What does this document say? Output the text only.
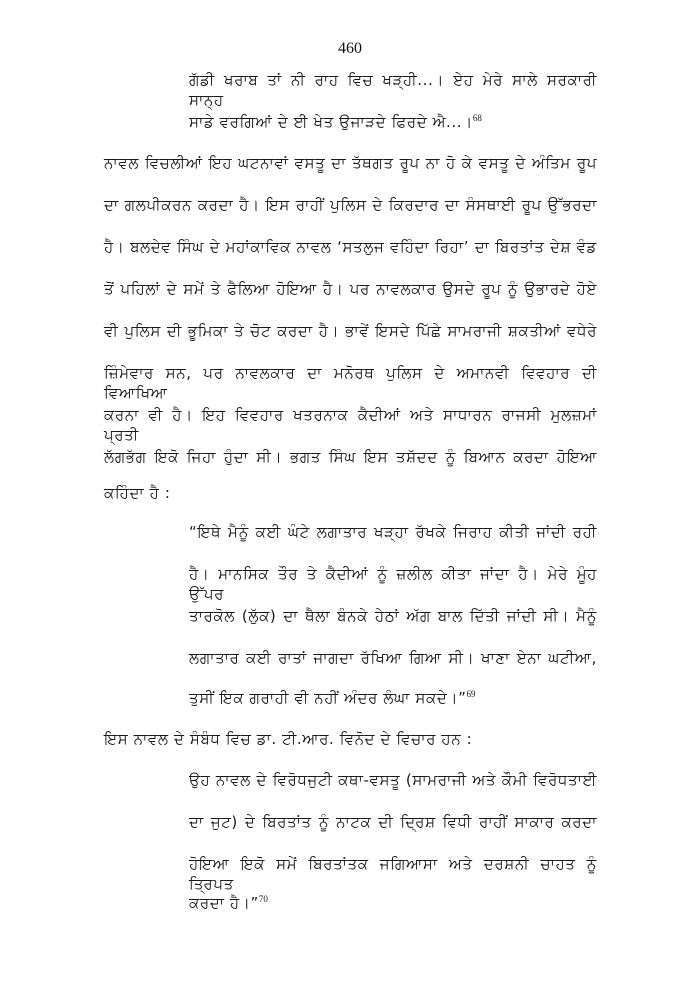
460
ਗੱਡੀ ਖਰਾਬ ਤਾਂ ਨੀ ਰਾਹ ਵਿਚ ਖੜ੍ਹੀ...। ਏਹ ਮੇਰੇ ਸਾਲੇ ਸਰਕਾਰੀ ਸਾਨ੍ਹ
ਸਾਡੇ ਵਰਗਿਆਂ ਦੇ ਈ ਖੇਤ ਉਜਾੜਦੇ ਫਿਰਦੇ ਐ...।$^{68}$
ਨਾਵਲ ਵਿਚਲੀਆਂ ਇਹ ਘਟਨਾਵਾਂ ਵਸਤੂ ਦਾ ਤੱਥਗਤ ਰੂਪ ਨਾ ਹੋ ਕੇ ਵਸਤੂ ਦੇ ਅੰਤਿਮ ਰੂਪ
ਦਾ ਗਲਪੀਕਰਨ ਕਰਦਾ ਹੈ। ਇਸ ਰਾਹੀਂ ਪੁਲਿਸ ਦੇ ਕਿਰਦਾਰ ਦਾ ਸੰਸਥਾਈ ਰੂਪ ਉੱਭਰਦਾ
ਹੈ। ਬਲਦੇਵ ਸਿੰਘ ਦੇ ਮਹਾਂਕਾਵਿਕ ਨਾਵਲ ‘ਸਤਲੁਜ ਵਹਿੰਦਾ ਰਿਹਾ’ ਦਾ ਬਿਰਤਾਂਤ ਦੇਸ਼ ਵੰਡ
ਤੋਂ ਪਹਿਲਾਂ ਦੇ ਸਮੇਂ ਤੇ ਫੈਲਿਆ ਹੋਇਆ ਹੈ। ਪਰ ਨਾਵਲਕਾਰ ਉਸਦੇ ਰੂਪ ਨੂੰ ਉਭਾਰਦੇ ਹੋਏ
ਵੀ ਪੁਲਿਸ ਦੀ ਭੂਮਿਕਾ ਤੇ ਚੋਟ ਕਰਦਾ ਹੈ। ਭਾਵੇਂ ਇਸਦੇ ਪਿੱਛੇ ਸਾਮਰਾਜੀ ਸ਼ਕਤੀਆਂ ਵਧੇਰੇ
ਜ਼ਿੰਮੇਵਾਰ ਸਨ, ਪਰ ਨਾਵਲਕਾਰ ਦਾ ਮਨੋਰਥ ਪੁਲਿਸ ਦੇ ਅਮਾਨਵੀ ਵਿਵਹਾਰ ਦੀ ਵਿਆਖਿਆ
ਕਰਨਾ ਵੀ ਹੈ। ਇਹ ਵਿਵਹਾਰ ਖਤਰਨਾਕ ਕੈਦੀਆਂ ਅਤੇ ਸਾਧਾਰਨ ਰਾਜਸੀ ਮੁਲਜ਼ਮਾਂ ਪ੍ਰਤੀ
ਲੱਗਭੱਗ ਇਕੋ ਜਿਹਾ ਹੁੰਦਾ ਸੀ। ਭਗਤ ਸਿੰਘ ਇਸ ਤਸ਼ੱਦਦ ਨੂੰ ਬਿਆਨ ਕਰਦਾ ਹੋਇਆ
ਕਹਿੰਦਾ ਹੈ :
“ਇਥੇ ਮੈਨੂੰ ਕਈ ਘੰਟੇ ਲਗਾਤਾਰ ਖੜ੍ਹਾ ਰੱਖਕੇ ਜਿਰਾਹ ਕੀਤੀ ਜਾਂਦੀ ਰਹੀ
ਹੈ। ਮਾਨਸਿਕ ਤੌਰ ਤੇ ਕੈਦੀਆਂ ਨੂੰ ਜ਼ਲੀਲ ਕੀਤਾ ਜਾਂਦਾ ਹੈ। ਮੇਰੇ ਮੂੰਹ ਉੱਪਰ
ਤਾਰਕੋਲ (ਲੁੱਕ) ਦਾ ਥੈਲਾ ਬੰਨਕੇ ਹੇਠਾਂ ਅੱਗ ਬਾਲ ਦਿੱਤੀ ਜਾਂਦੀ ਸੀ। ਮੈਨੂੰ
ਲਗਾਤਾਰ ਕਈ ਰਾਤਾਂ ਜਾਗਦਾ ਰੱਖਿਆ ਗਿਆ ਸੀ। ਖਾਣਾ ਏਨਾ ਘਟੀਆ,
ਤੁਸੀਂ ਇਕ ਗਰਾਹੀ ਵੀ ਨਹੀਂ ਅੰਦਰ ਲੰਘਾ ਸਕਦੇ।”$^{69}$
ਇਸ ਨਾਵਲ ਦੇ ਸੰਬੰਧ ਵਿਚ ਡਾ. ਟੀ.ਆਰ. ਵਿਨੋਦ ਦੇ ਵਿਚਾਰ ਹਨ :
ਉਹ ਨਾਵਲ ਦੇ ਵਿਰੋਧਜੁਟੀ ਕਥਾ-ਵਸਤੂ (ਸਾਮਰਾਜੀ ਅਤੇ ਕੌਮੀ ਵਿਰੋਧਤਾਈ
ਦਾ ਜੁਟ) ਦੇ ਬਿਰਤਾਂਤ ਨੂੰ ਨਾਟਕ ਦੀ ਦ੍ਰਿਸ਼ ਵਿਧੀ ਰਾਹੀਂ ਸਾਕਾਰ ਕਰਦਾ
ਹੋਇਆ ਇਕੋ ਸਮੇਂ ਬਿਰਤਾਂਤਕ ਜਗਿਆਸਾ ਅਤੇ ਦਰਸ਼ਨੀ ਚਾਹਤ ਨੂੰ ਤ੍ਰਿਪਤ
ਕਰਦਾ ਹੈ।”$^{70}$
